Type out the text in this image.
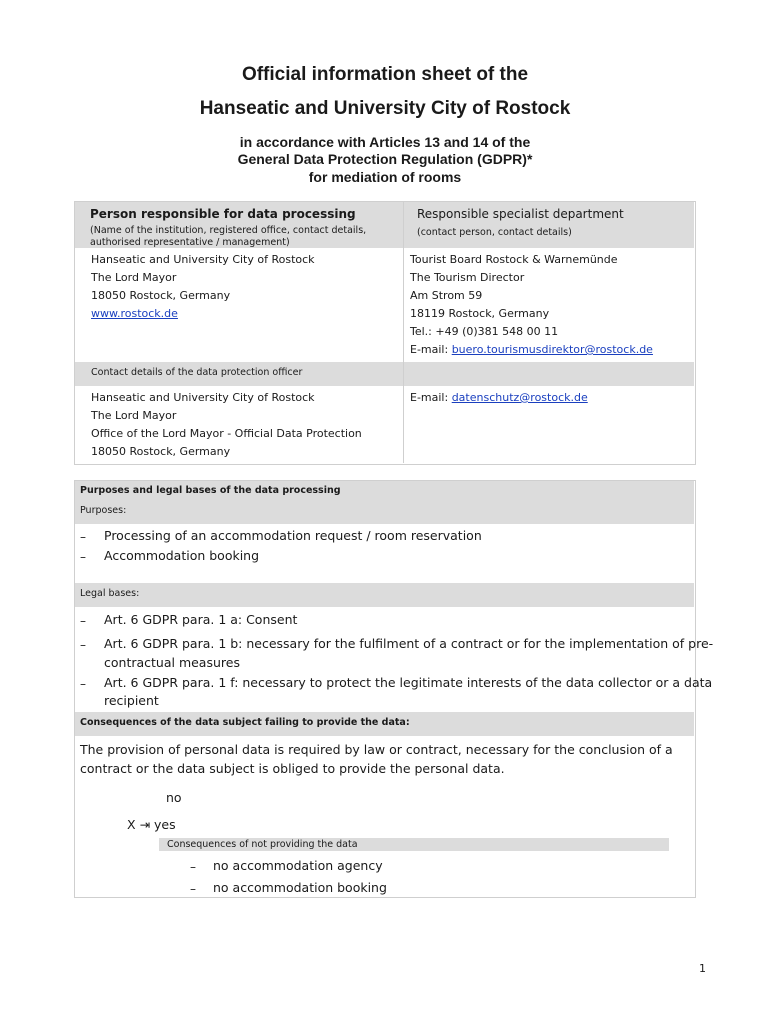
Official information sheet of the
Hanseatic and University City of Rostock
in accordance with Articles 13 and 14 of the
General Data Protection Regulation (GDPR)*
for mediation of rooms
Person responsible for data processing
(Name of the institution, registered office, contact details,
authorised representative / management)
Responsible specialist department
(contact person, contact details)
Hanseatic and University City of Rostock
The Lord Mayor
18050 Rostock, Germany
www.rostock.de
Tourist Board Rostock & Warnemünde
The Tourism Director
Am Strom 59
18119 Rostock, Germany
Tel.: +49 (0)381 548 00 11
E-mail: buero.tourismusdirektor@rostock.de
Contact details of the data protection officer
Hanseatic and University City of Rostock
The Lord Mayor
Office of the Lord Mayor - Official Data Protection
18050 Rostock, Germany
E-mail: datenschutz@rostock.de
Purposes and legal bases of the data processing
Purposes:
– Processing of an accommodation request / room reservation
– Accommodation booking
Legal bases:
– Art. 6 GDPR para. 1 a: Consent
– Art. 6 GDPR para. 1 b: necessary for the fulfilment of a contract or for the implementation of pre-
contractual measures
– Art. 6 GDPR para. 1 f: necessary to protect the legitimate interests of the data collector or a data
recipient
Consequences of the data subject failing to provide the data:
The provision of personal data is required by law or contract, necessary for the conclusion of a
contract or the data subject is obliged to provide the personal data.
no
X ⇥ yes
Consequences of not providing the data
– no accommodation agency
– no accommodation booking
1
